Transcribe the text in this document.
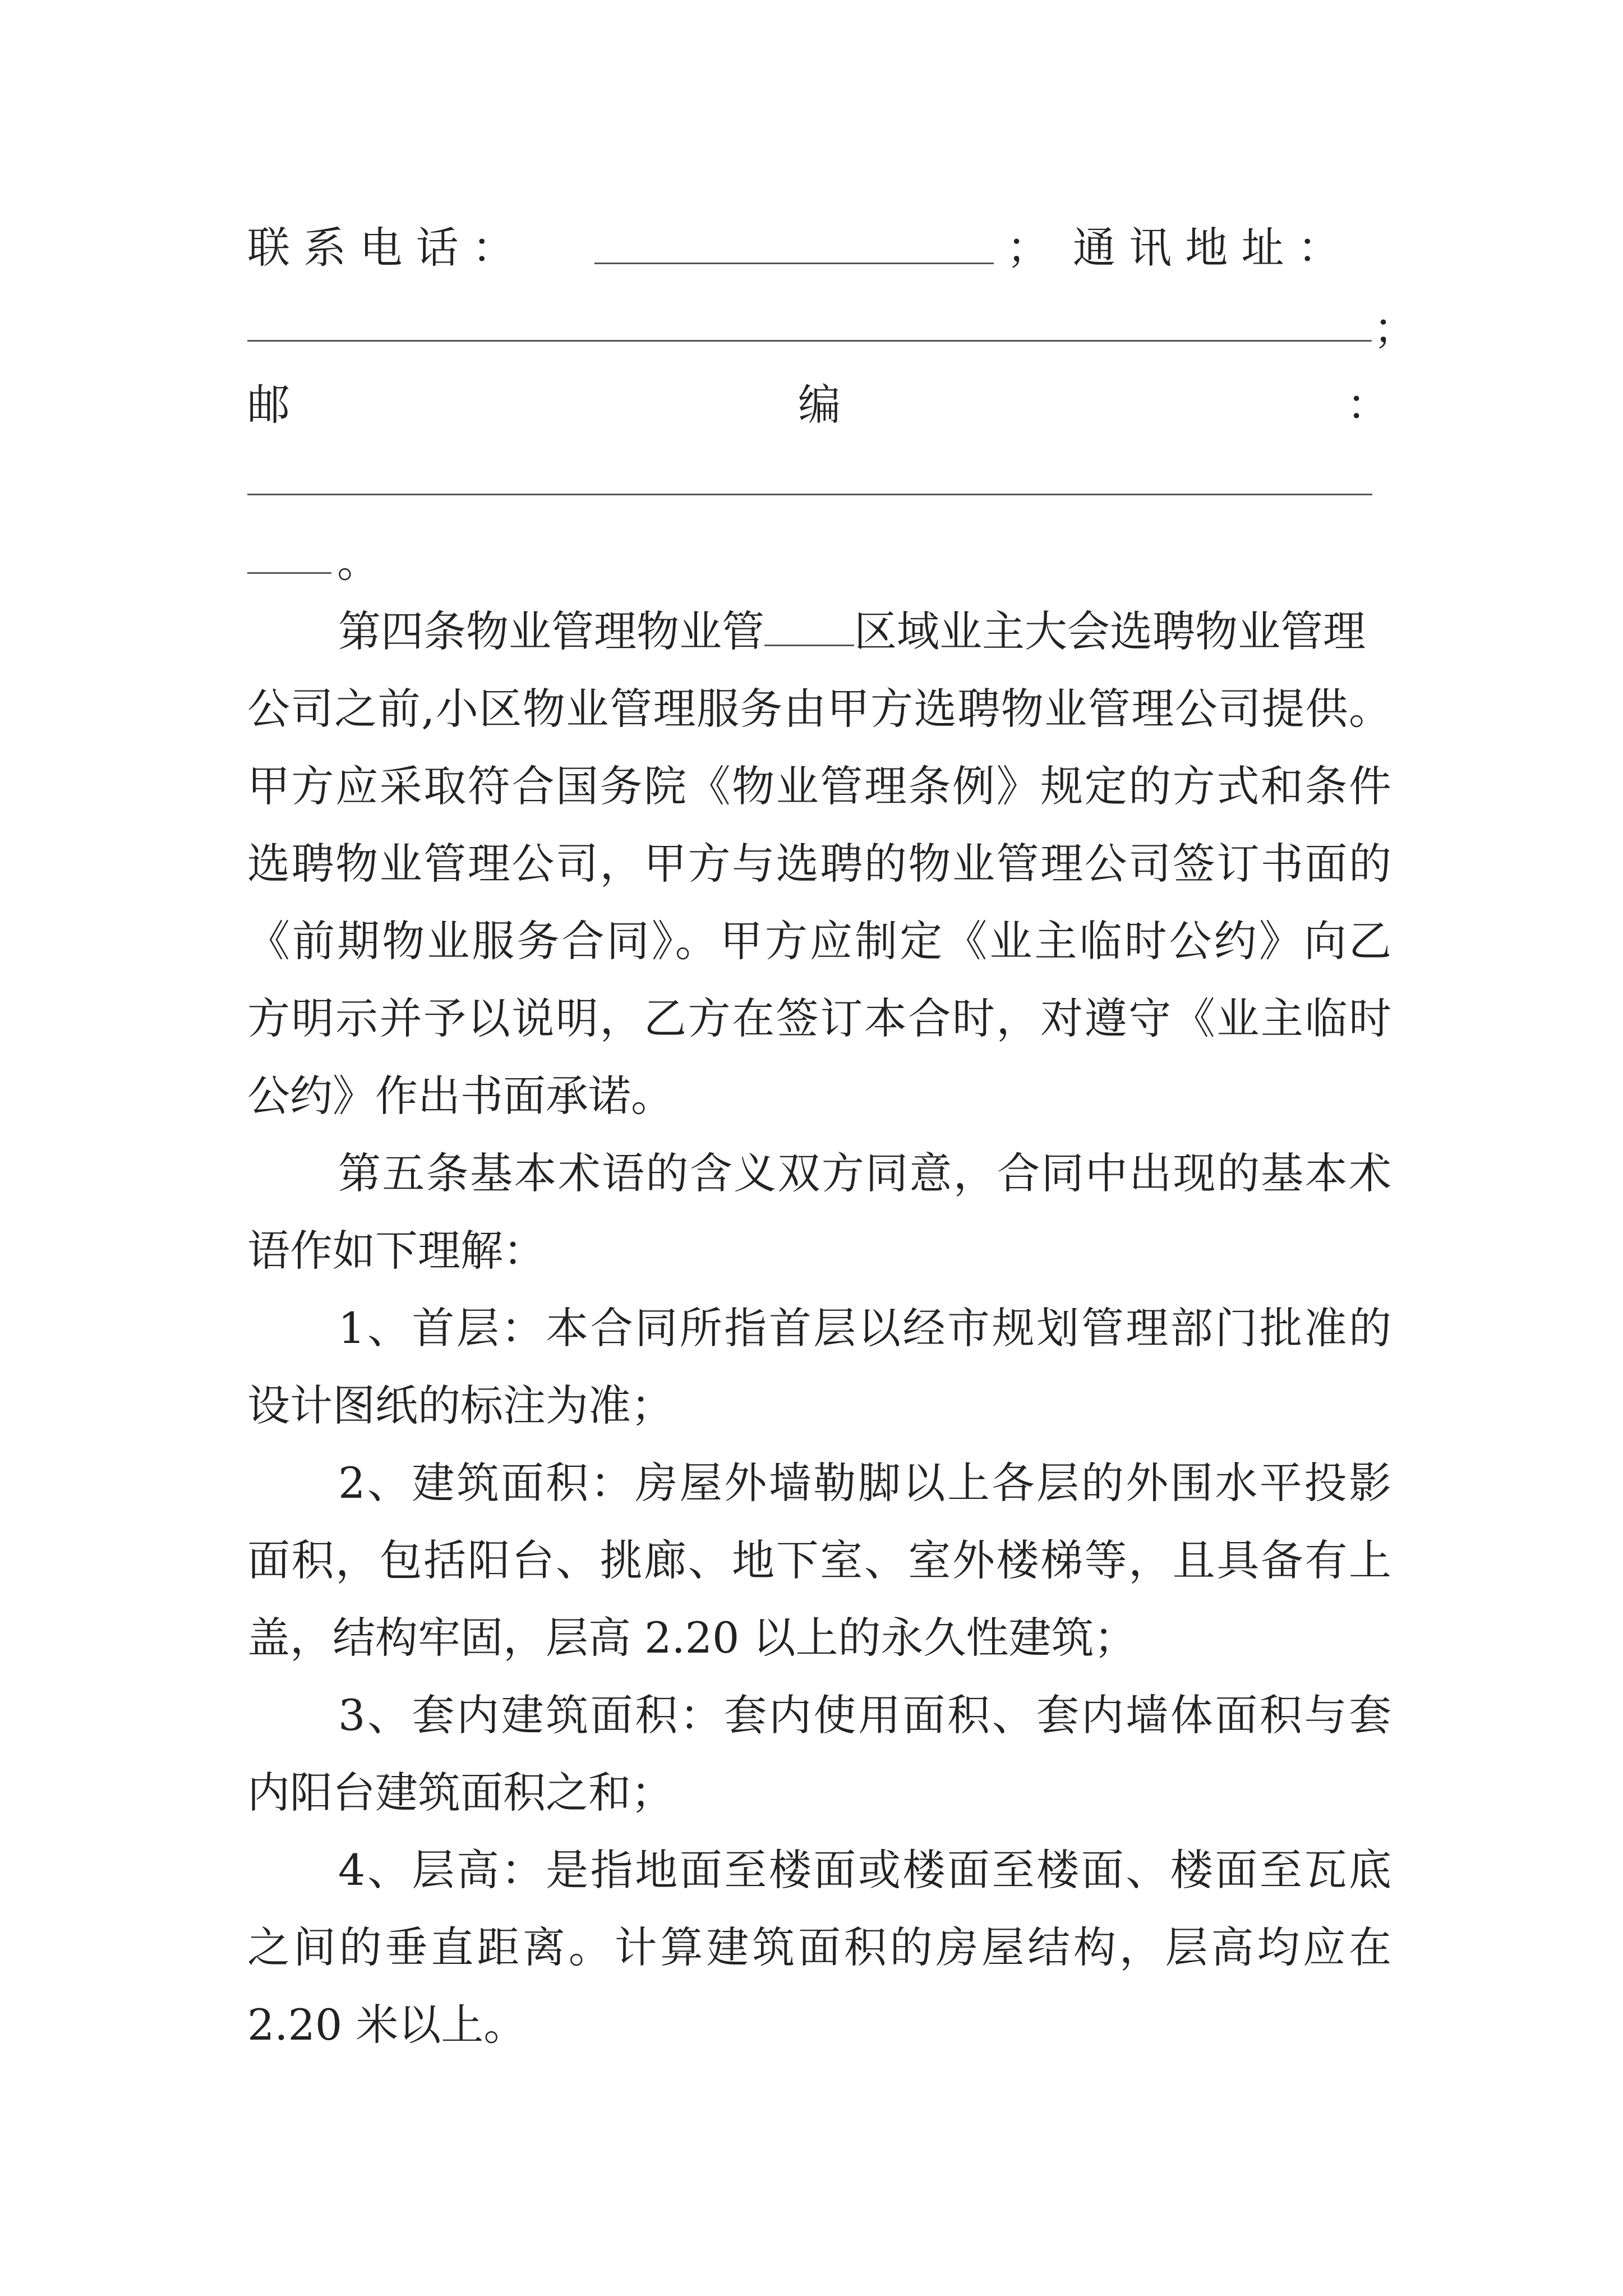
联 系 电 话 ：	； 通 讯 地 址 ：
；
邮	编	：
。
第四条物业管理物业管 区域业主大会选聘物业管理
公司之前,小区物业管理服务由甲方选聘物业管理公司提供。
甲方应采取符合国务院《物业管理条例》规定的方式和条件
选聘物业管理公司，甲方与选聘的物业管理公司签订书面的
《前期物业服务合同》。甲方应制定《业主临时公约》向乙
方明示并予以说明，乙方在签订本合时，对遵守《业主临时
公约》作出书面承诺。
第五条基本术语的含义双方同意，合同中出现的基本术
语作如下理解：
1、首层：本合同所指首层以经市规划管理部门批准的
设计图纸的标注为准；
2、建筑面积：房屋外墙勒脚以上各层的外围水平投影
面积，包括阳台、挑廊、地下室、室外楼梯等，且具备有上
盖，结构牢固，层高 2.20 以上的永久性建筑；
3、套内建筑面积：套内使用面积、套内墙体面积与套
内阳台建筑面积之和；
4、层高：是指地面至楼面或楼面至楼面、楼面至瓦底
之间的垂直距离。计算建筑面积的房屋结构，层高均应在
2.20 米以上。
